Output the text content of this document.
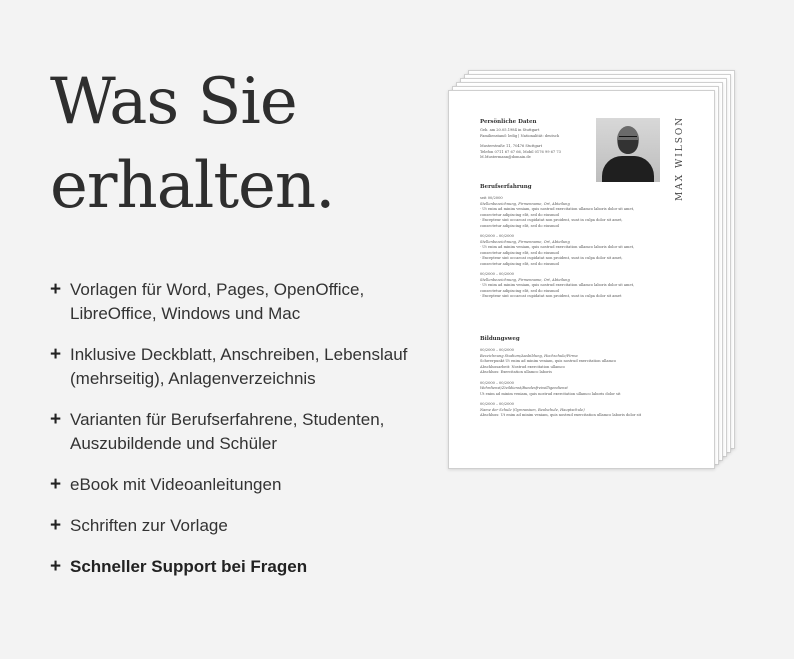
Was Sie
erhalten.
+ Vorlagen für Word, Pages, OpenOffice, LibreOffice, Windows und Mac
+ Inklusive Deckblatt, Anschreiben, Lebenslauf (mehrseitig), Anlagenverzeichnis
+ Varianten für Berufserfahrene, Studenten, Auszubildende und Schüler
+ eBook mit Videoanleitungen
+ Schriften zur Vorlage
+ Schneller Support bei Fragen
Persönliche Daten
Berufserfahrung
Bildungsweg
MAX WILSON
Geb. am 20.05.1984 in Stuttgart
Familienstand: ledig | Nationalität: deutsch
Musterstraße 11, 70476 Stuttgart
Telefon 0711 67 67 66, Mobil 0176 99 67 73
M.Mustermann@domain.de
seit 00/2000
Stellenbezeichnung, Firmenname, Ort, Abteilung
· Ut enim ad minim veniam, quis nostrud exercitation ullamco laboris dolor sit amet,
consectetur adipiscing elit, sed do eiusmod
· Excepteur sint occaecat cupidatat non proident, sunt in culpa dolor sit amet,
consectetur adipiscing elit, sed do eiusmod
00/2000 – 00/2000
Stellenbezeichnung, Firmenname, Ort, Abteilung
· Ut enim ad minim veniam, quis nostrud exercitation ullamco laboris dolor sit amet,
consectetur adipiscing elit, sed do eiusmod
· Excepteur sint occaecat cupidatat non proident, sunt in culpa dolor sit amet,
consectetur adipiscing elit, sed do eiusmod
00/2000 – 00/2000
Stellenbezeichnung, Firmenname, Ort, Abteilung
· Ut enim ad minim veniam, quis nostrud exercitation ullamco laboris dolor sit amet,
consectetur adipiscing elit, sed do eiusmod
· Excepteur sint occaecat cupidatat non proident, sunt in culpa dolor sit amet
00/2000 – 00/2000
Bezeichnung Studium/Ausbildung, Hochschule/Firma
Schwerpunkt Ut enim ad minim veniam, quis nostrud exercitation ullamco
Abschlussarbeit: Nostrud exercitation ullamco
Abschluss: Exercitation ullamco laboris
00/2000 – 00/2000
Wehrdienst/Zivildienst/Bundesfreiwilligendienst
Ut enim ad minim veniam, quis nostrud exercitation ullamco laboris dolor sit
00/2000 – 00/2000
Name der Schule (Gymnasium, Realschule, Hauptschule)
Abschluss: Ut enim ad minim veniam, quis nostrud exercitation ullamco laboris dolor sit
